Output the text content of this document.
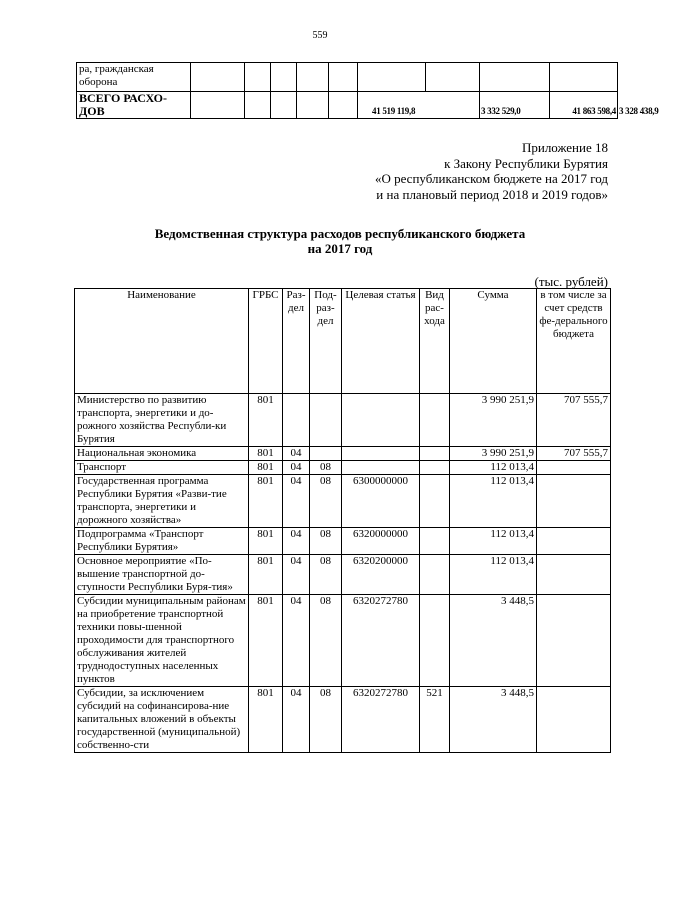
559
ра, гражданская оборона										
ВСЕГО РАСХО-ДОВ						41 519 119,8		3 332 529,0	41 863 598,4	3 328 438,9
Приложение 18
к Закону Республики Бурятия
«О республиканском бюджете на 2017 год
и на плановый период 2018 и 2019 годов»
Ведомственная структура расходов республиканского бюджета
на 2017 год
(тыс. рублей)
Наименование	ГРБС	Раз-дел	Под-раз-дел	Целевая статья	Вид рас-хода	Сумма	в том числе за счет средств фе-дерального бюджета
Министерство по развитию транспорта, энергетики и до-рожного хозяйства Республи-ки Бурятия	801					3 990 251,9	707 555,7
Национальная экономика	801	04				3 990 251,9	707 555,7
Транспорт	801	04	08			112 013,4	
Государственная программа Республики Бурятия «Разви-тие транспорта, энергетики и дорожного хозяйства»	801	04	08	6300000000		112 013,4	
Подпрограмма «Транспорт Республики Бурятия»	801	04	08	6320000000		112 013,4	
Основное мероприятие «По-вышение транспортной до-ступности Республики Буря-тия»	801	04	08	6320200000		112 013,4	
Субсидии муниципальным районам на приобретение транспортной техники повы-шенной проходимости для транспортного обслуживания жителей труднодоступных населенных пунктов	801	04	08	6320272780		3 448,5	
Субсидии, за исключением субсидий на софинансирова-ние капитальных вложений в объекты государственной (муниципальной) собственно-сти	801	04	08	6320272780	521	3 448,5	
